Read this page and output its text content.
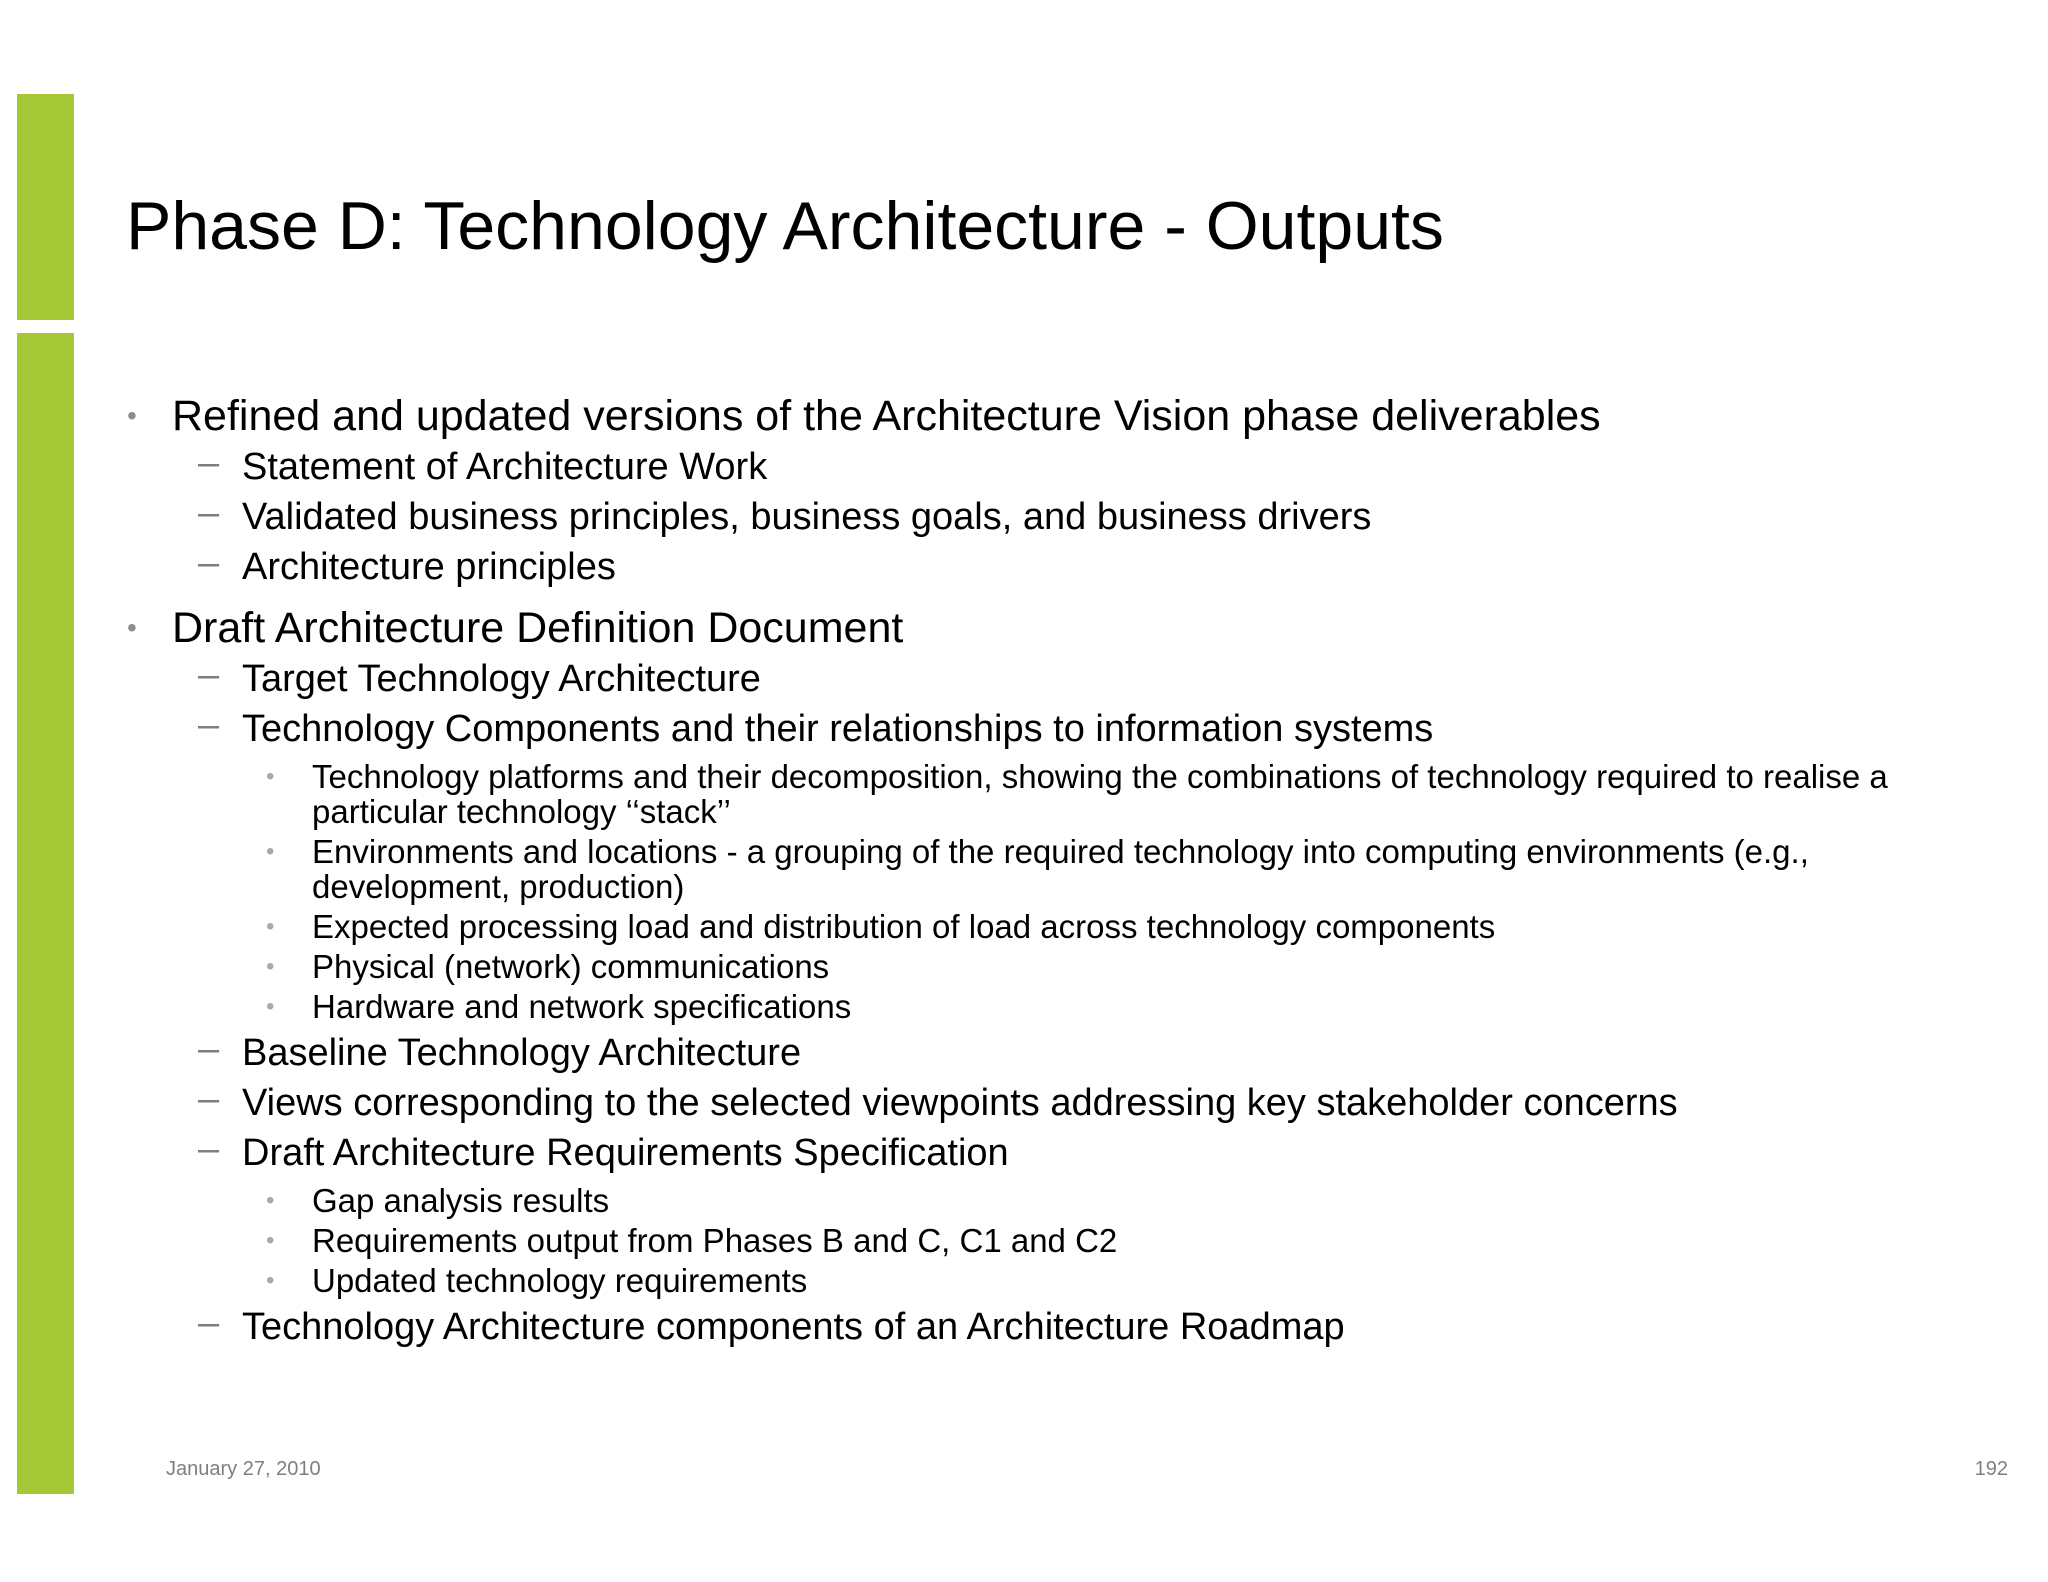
Phase D: Technology Architecture - Outputs
• Refined and updated versions of the Architecture Vision phase deliverables
– Statement of Architecture Work
– Validated business principles, business goals, and business drivers
– Architecture principles
• Draft Architecture Definition Document
– Target Technology Architecture
– Technology Components and their relationships to information systems
• Technology platforms and their decomposition, showing the combinations of technology required to realise a particular technology ‘‘stack’’
• Environments and locations - a grouping of the required technology into computing environments (e.g., development, production)
• Expected processing load and distribution of load across technology components
• Physical (network) communications
• Hardware and network specifications
– Baseline Technology Architecture
– Views corresponding to the selected viewpoints addressing key stakeholder concerns
– Draft Architecture Requirements Specification
• Gap analysis results
• Requirements output from Phases B and C, C1 and C2
• Updated technology requirements
– Technology Architecture components of an Architecture Roadmap
January 27, 2010	192
